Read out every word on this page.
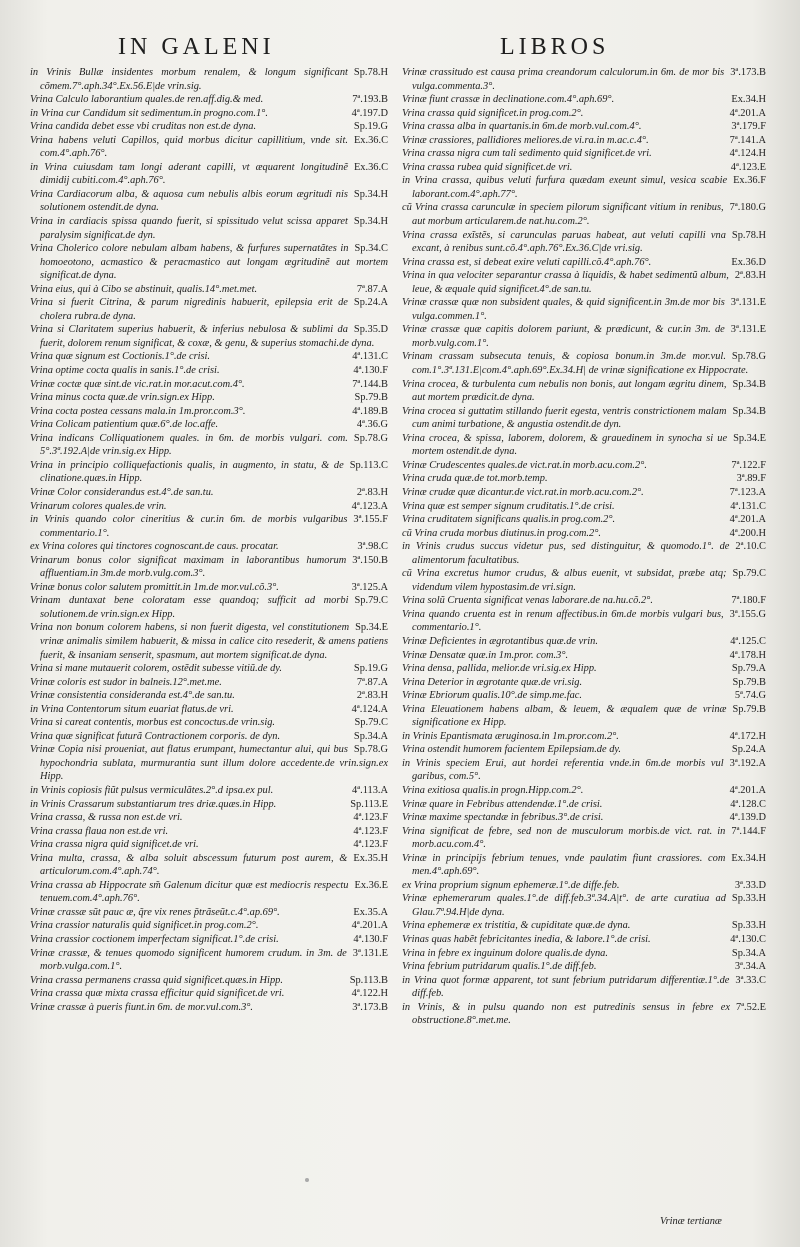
IN GALENI	LIBROS

Sp.78.H
in Vrinis Bullæ insidentes morbum renalem, & longum significant cõmem.7°.aph.34°.Ex.56.E|de vrin.sig.

7ª.193.B
Vrina Calculo laborantium quales.de ren.aff.dig.& med.

4ª.197.D
in Vrina cur Candidum sit sedimentum.in progno.com.1°.

Sp.19.G
Vrina candida debet esse vbi cruditas non est.de dyna.

Ex.36.C
Vrina habens veluti Capillos, quid morbus dicitur capillitium, vnde sit. com.4°.aph.76°.

Ex.36.C
in Vrina cuiusdam tam longi aderant capilli, vt æquarent longitudinẽ dimidij cubiti.com.4°.aph.76°.

Sp.34.H
Vrina Cardiacorum alba, & aquosa cum nebulis albis eorum ægritudi nis solutionem ostendit.de dyna.

Sp.34.H
Vrina in cardiacis spissa quando fuerit, si spissitudo velut scissa apparet paralysim significat.de dyn.

Sp.34.C
Vrina Cholerico colore nebulam albam habens, & furfures supernatãtes in homoeotono, acmastico & peracmastico aut longam ægritudinẽ aut mortem significat.de dyna.

7ª.87.A
Vrina eius, qui à Cibo se abstinuit, qualis.14°.met.met.

Sp.24.A
Vrina si fuerit Citrina, & parum nigredinis habuerit, epilepsia erit de cholera rubra.de dyna.

Sp.35.D
Vrina si Claritatem superius habuerit, & inferius nebulosa & sublimi da fuerit, dolorem renum significat, & coxæ, & genu, & superius stomachi.de dyna.

4ª.131.C
Vrina quæ signum est Coctionis.1°.de crisi.

4ª.130.F
Vrina optime cocta qualis in sanis.1°.de crisi.

7ª.144.B
Vrinæ coctæ quæ sint.de vic.rat.in mor.acut.com.4°.

Sp.79.B
Vrina minus cocta quæ.de vrin.sign.ex Hipp.

4ª.189.B
Vrina cocta postea cessans mala.in 1m.pror.com.3°.

4ª.36.G
Vrina Colicam patientium quæ.6°.de loc.affe.

Sp.78.G
Vrina indicans Colliquationem quales. in 6m. de morbis vulgari. com. 5°.3ª.192.A|de vrin.sig.ex Hipp.

Sp.113.C
Vrina in principio colliquefactionis qualis, in augmento, in statu, & de clinatione.quæs.in Hipp.

2ª.83.H
Vrinæ Color considerandus est.4°.de san.tu.

4ª.123.A
Vrinarum colores quales.de vrin.

3ª.155.F
in Vrinis quando color cineritius & cur.in 6m. de morbis vulgaribus commentario.1°.

3ª.98.C
ex Vrina colores qui tinctores cognoscant.de caus. procatar.

3ª.150.B
Vrinarum bonus color significat maximam in laborantibus humorum affluentiam.in 3m.de morb.vulg.com.3°.

3ª.125.A
Vrinæ bonus color salutem promittit.in 1m.de mor.vul.cõ.3°.

Sp.79.C
Vrinam duntaxat bene coloratam esse quandoq; sufficit ad morbi solutionem.de vrin.sign.ex Hipp.

Sp.34.E
Vrina non bonum colorem habens, si non fuerit digesta, vel constitutionem vrinæ animalis similem habuerit, & missa in calice cito resederit, & amens patiens fuerit, & insaniam senserit, spasmum, aut mortem significat.de dyna.

Sp.19.G
Vrina si mane mutauerit colorem, ostẽdit subesse vitiũ.de dy.

7ª.87.A
Vrinæ coloris est sudor in balneis.12°.met.me.

2ª.83.H
Vrinæ consistentia consideranda est.4°.de san.tu.

4ª.124.A
in Vrina Contentorum situm euariat flatus.de vri.

Sp.79.C
Vrina si careat contentis, morbus est concoctus.de vrin.sig.

Sp.34.A
Vrina quæ significat futurã Contractionem corporis. de dyn.

Sp.78.G
Vrinæ Copia nisi proueniat, aut flatus erumpant, humectantur alui, qui bus hypochondria sublata, murmurantia sunt illum dolore accedente.de vrin.sign.ex Hipp.

4ª.113.A
in Vrinis copiosis fiũt pulsus vermiculãtes.2°.d ipsa.ex pul.

Sp.113.E
in Vrinis Crassarum substantiarum tres driæ.quæs.in Hipp.

4ª.123.F
Vrina crassa, & russa non est.de vri.

4ª.123.F
Vrina crassa flaua non est.de vri.

4ª.123.F
Vrina crassa nigra quid significet.de vri.

Ex.35.H
Vrina multa, crassa, & alba soluit abscessum futurum post aurem, & articulorum.com.4°.aph.74°.

Ex.36.E
Vrina crassa ab Hippocrate sm̃ Galenum dicitur quæ est mediocris respectu tenuem.com.4°.aph.76°.

Ex.35.A
Vrinæ crassæ sũt pauc æ, q̃re vix renes p̃trãseũt.c.4°.ap.69°.

4ª.201.A
Vrina crassior naturalis quid significet.in prog.com.2°.

4ª.130.F
Vrina crassior coctionem imperfectam significat.1°.de crisi.

3ª.131.E
Vrinæ crassæ, & tenues quomodo significent humorem crudum. in 3m. de morb.vulga.com.1°.

Sp.113.B
Vrina crassa permanens crassa quid significet.quæs.in Hipp.

4ª.122.H
Vrina crassa quæ mixta crassa efficitur quid significet.de vri.

3ª.173.B
Vrinæ crassæ à pueris fiunt.in 6m. de mor.vul.com.3°.

3ª.173.B
Vrinæ crassitudo est causa prima creandorum calculorum.in 6m. de mor bis vulga.commenta.3°.

Ex.34.H
Vrinæ fiunt crassæ in declinatione.com.4°.aph.69°.

4ª.201.A
Vrina crassa quid significet.in prog.com.2°.

3ª.179.F
Vrina crassa alba in quartanis.in 6m.de morb.vul.com.4°.

7ª.141.A
Vrinæ crassiores, pallidiores meliores.de vi.ra.in m.ac.c.4°.

4ª.124.H
Vrina crassa nigra cum tali sedimento quid significet.de vri.

4ª.123.E
Vrina crassa rubea quid significet.de vri.

Ex.36.F
in Vrina crassa, quibus veluti furfura quædam exeunt simul, vesica scabie laborant.com.4°.aph.77°.

7ª.180.G
cũ Vrina crassa carunculæ in speciem pilorum significant vitium in renibus, aut morbum articularem.de nat.hu.com.2°.

Sp.78.H
Vrina crassa exĩstẽs, si carunculas paruas habeat, aut veluti capilli vna excant, à renibus sunt.cõ.4°.aph.76°.Ex.36.C|de vri.sig.

Ex.36.D
Vrina crassa est, si debeat exire veluti capilli.cõ.4°.aph.76°.

2ª.83.H
Vrina in qua velociter separantur crassa à liquidis, & habet sedimentũ album, leue, & æquale quid significet.4°.de san.tu.

3ª.131.E
Vrinæ crassæ quæ non subsident quales, & quid significent.in 3m.de mor bis vulga.commen.1°.

3ª.131.E
Vrinæ crassæ quæ capitis dolorem pariunt, & prædicunt, & cur.in 3m. de morb.vulg.com.1°.

Sp.78.G
Vrinam crassam subsecuta tenuis, & copiosa bonum.in 3m.de mor.vul. com.1°.3ª.131.E|com.4°.aph.69°.Ex.34.H| de vrinæ significatione ex Hippocrate.

Sp.34.B
Vrina crocea, & turbulenta cum nebulis non bonis, aut longam ægritu dinem, aut mortem prædicit.de dyna.

Sp.34.B
Vrina crocea si guttatim stillando fuerit egesta, ventris constrictionem malam cum animi turbatione, & angustia ostendit.de dyn.

Sp.34.E
Vrina crocea, & spissa, laborem, dolorem, & grauedinem in synocha si ue mortem ostendit.de dyna.

7ª.122.F
Vrinæ Crudescentes quales.de vict.rat.in morb.acu.com.2°.

3ª.89.F
Vrina cruda quæ.de tot.morb.temp.

7ª.123.A
Vrinæ crudæ quæ dicantur.de vict.rat.in morb.acu.com.2°.

4ª.131.C
Vrina quæ est semper signum cruditatis.1°.de crisi.

4ª.201.A
Vrina cruditatem significans qualis.in prog.com.2°.

4ª.200.H
cũ Vrina cruda morbus diutinus.in prog.com.2°.

2ª.10.C
in Vrinis crudus succus videtur pus, sed distinguitur, & quomodo.1°. de alimentorum facultatibus.

Sp.79.C
cũ Vrina excretus humor crudus, & albus euenit, vt subsidat, præbe atq; videndum vilem hypostasim.de vri.sign.

7ª.180.F
Vrina solũ Cruenta significat venas laborare.de na.hu.cõ.2°.

3ª.155.G
Vrina quando cruenta est in renum affectibus.in 6m.de morbis vulgari bus, commentario.1°.

4ª.125.C
Vrinæ Deficientes in ægrotantibus quæ.de vrin.

4ª.178.H
Vrinæ Densatæ quæ.in 1m.pror. com.3°.

Sp.79.A
Vrina densa, pallida, melior.de vri.sig.ex Hipp.

Sp.79.B
Vrina Deterior in ægrotante quæ.de vri.sig.

5ª.74.G
Vrinæ Ebriorum qualis.10°.de simp.me.fac.

Sp.79.B
Vrina Eleuationem habens albam, & leuem, & æqualem quæ de vrinæ significatione ex Hipp.

4ª.172.H
in Vrinis Epantismata æruginosa.in 1m.pror.com.2°.

Sp.24.A
Vrina ostendit humorem facientem Epilepsiam.de dy.

3ª.192.A
in Vrinis speciem Erui, aut hordei referentia vnde.in 6m.de morbis vul garibus, com.5°.

4ª.201.A
Vrina exitiosa qualis.in progn.Hipp.com.2°.

4ª.128.C
Vrinæ quare in Febribus attendendæ.1°.de crisi.

4ª.139.D
Vrinæ maxime spectandæ in febribus.3°.de crisi.

7ª.144.F
Vrina significat de febre, sed non de musculorum morbis.de vict. rat. in morb.acu.com.4°.

Ex.34.H
Vrinæ in principijs febrium tenues, vnde paulatim fiunt crassiores. com men.4°.aph.69°.

3ª.33.D
ex Vrina proprium signum ephemeræ.1°.de diffe.feb.

Sp.33.H
Vrinæ ephemerarum quales.1°.de diff.feb.3ª.34.A|t°. de arte curatiua ad Glau.7ª.94.H|de dyna.

Sp.33.H
Vrina ephemeræ ex tristitia, & cupiditate quæ.de dyna.

4ª.130.C
Vrinas quas habẽt febricitantes inedia, & labore.1°.de crisi.

Sp.34.A
Vrina in febre ex inguinum dolore qualis.de dyna.

3ª.34.A
Vrina febrium putridarum qualis.1°.de diff.feb.

3ª.33.C
in Vrina quot formæ apparent, tot sunt febrium putridarum differentiæ.1°.de diff.feb.

7ª.52.E
in Vrinis, & in pulsu quando non est putredinis sensus in febre ex obstructione.8°.met.me.

Vrinæ tertianæ
